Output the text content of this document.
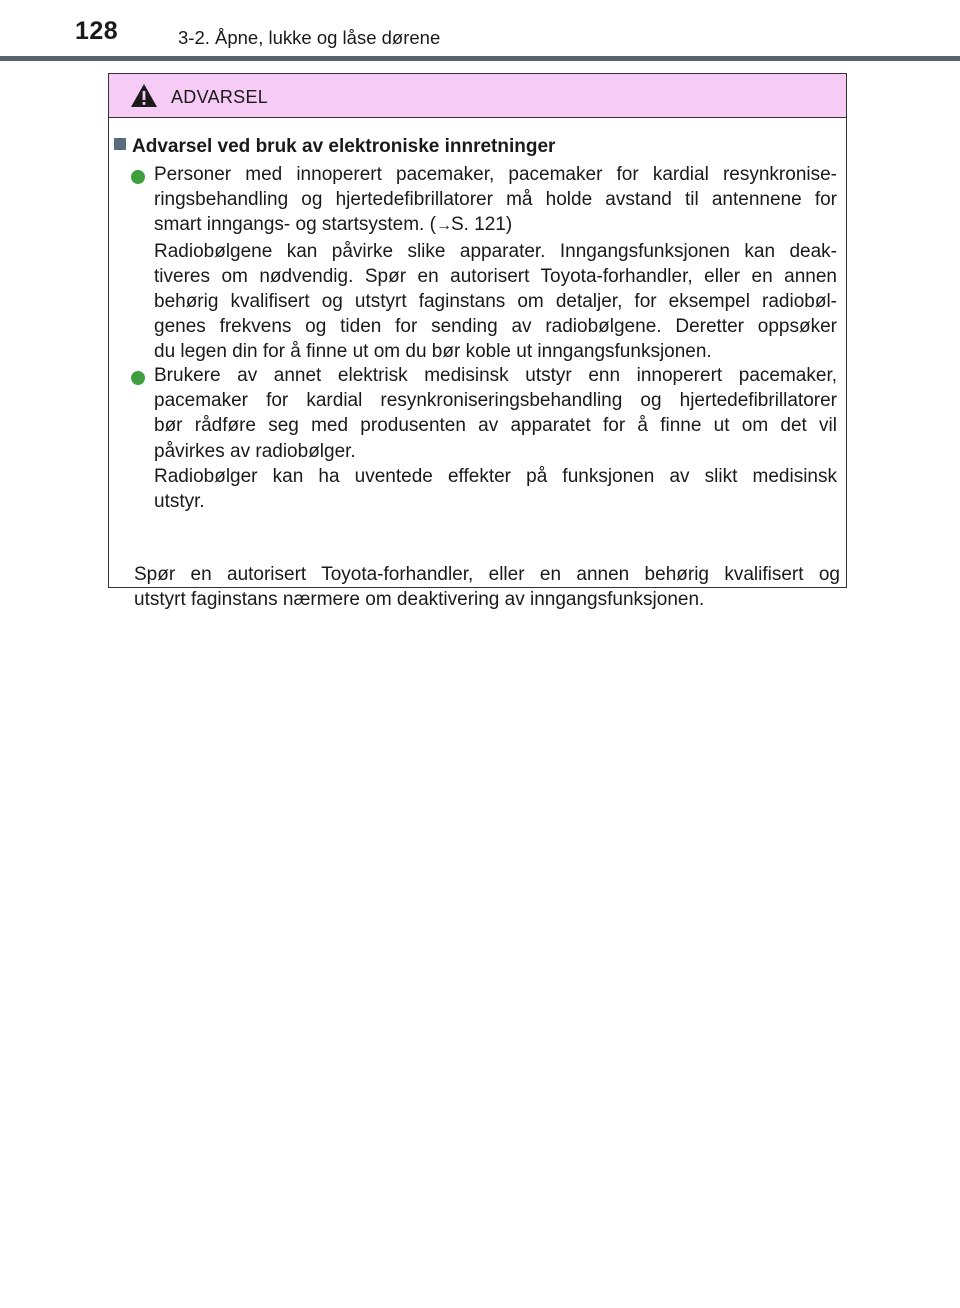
128	3-2. Åpne, lukke og låse dørene
ADVARSEL
Advarsel ved bruk av elektroniske innretninger
Personer med innoperert pacemaker, pacemaker for kardial resynkronise-
ringsbehandling og hjertedefibrillatorer må holde avstand til antennene for
smart inngangs- og startsystem. (→S. 121)
Radiobølgene kan påvirke slike apparater. Inngangsfunksjonen kan deak-
tiveres om nødvendig. Spør en autorisert Toyota-forhandler, eller en annen
behørig kvalifisert og utstyrt faginstans om detaljer, for eksempel radiobøl-
genes frekvens og tiden for sending av radiobølgene. Deretter oppsøker
du legen din for å finne ut om du bør koble ut inngangsfunksjonen.
Brukere av annet elektrisk medisinsk utstyr enn innoperert pacemaker,
pacemaker for kardial resynkroniseringsbehandling og hjertedefibrillatorer
bør rådføre seg med produsenten av apparatet for å finne ut om det vil
påvirkes av radiobølger.
Radiobølger kan ha uventede effekter på funksjonen av slikt medisinsk
utstyr.
Spør en autorisert Toyota-forhandler, eller en annen behørig kvalifisert og
utstyrt faginstans nærmere om deaktivering av inngangsfunksjonen.
